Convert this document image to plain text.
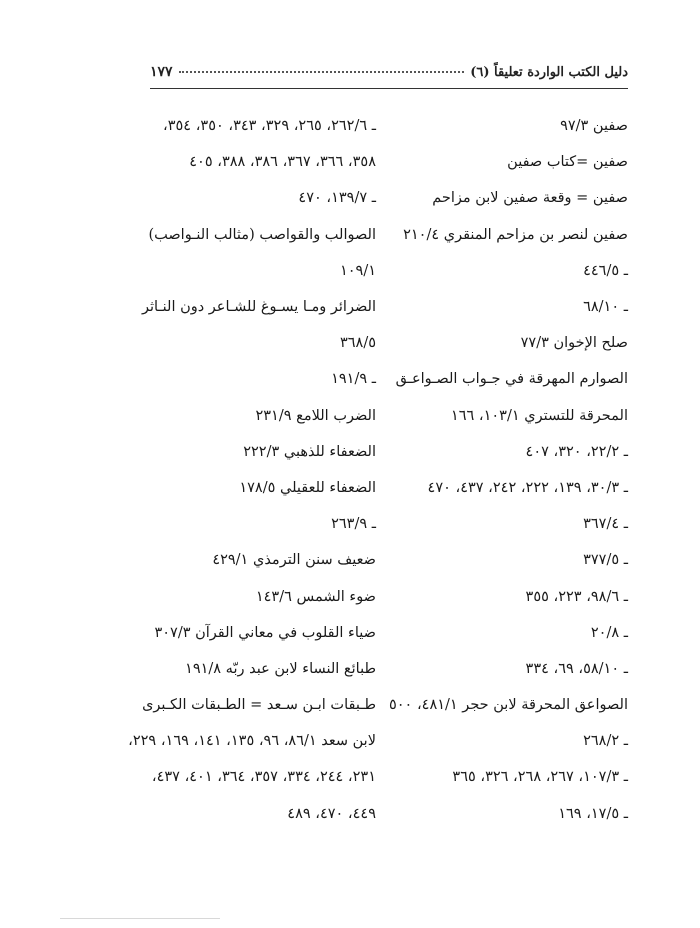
دليل الكتب الواردة تعليقاً (٦)
١٧٧
صفين ٩٧/٣
صفين =كتاب صفين
صفين = وقعة صفين لابن مزاحم
صفين لنصر بن مزاحم المنقري ٢١٠/٤
ـ ٤٤٦/٥
ـ ٦٨/١٠
صلح الإخوان ٧٧/٣
الصوارم المهرقة في جـواب الصـواعـق
المحرقة للتستري ١٠٣/١، ١٦٦
ـ ٢٢/٢، ٣٢٠، ٤٠٧
ـ ٣٠/٣، ١٣٩، ٢٢٢، ٢٤٢، ٤٣٧، ٤٧٠
ـ ٣٦٧/٤
ـ ٣٧٧/٥
ـ ٩٨/٦، ٢٢٣، ٣٥٥
ـ ٢٠/٨
ـ ٥٨/١٠، ٦٩، ٣٣٤
الصواعق المحرقة لابن حجر ٤٨١/١، ٥٠٠
ـ ٢٦٨/٢
ـ ١٠٧/٣، ٢٦٧، ٢٦٨، ٣٢٦، ٣٦٥
ـ ١٧/٥، ١٦٩
ـ ٢٦٢/٦، ٢٦٥، ٣٢٩، ٣٤٣، ٣٥٠، ٣٥٤،
٣٥٨، ٣٦٦، ٣٦٧، ٣٨٦، ٣٨٨، ٤٠٥
ـ ١٣٩/٧، ٤٧٠
الصوالب والقواصب (مثالب النـواصب)
١٠٩/١
الضرائر ومـا يسـوغ للشـاعر دون النـاثر
٣٦٨/٥
ـ ١٩١/٩
الضرب اللامع ٢٣١/٩
الضعفاء للذهبي ٢٢٢/٣
الضعفاء للعقيلي ١٧٨/٥
ـ ٢٦٣/٩
ضعيف سنن الترمذي ٤٢٩/١
ضوء الشمس ١٤٣/٦
ضياء القلوب في معاني القرآن ٣٠٧/٣
طبائع النساء لابن عبد ربّه ١٩١/٨
طـبقات ابـن سـعد = الطـبقات الكـبرى
لابن سعد ٨٦/١، ٩٦، ١٣٥، ١٤١، ١٦٩، ٢٢٩،
٢٣١، ٢٤٤، ٣٣٤، ٣٥٧، ٣٦٤، ٤٠١، ٤٣٧،
٤٤٩، ٤٧٠، ٤٨٩
